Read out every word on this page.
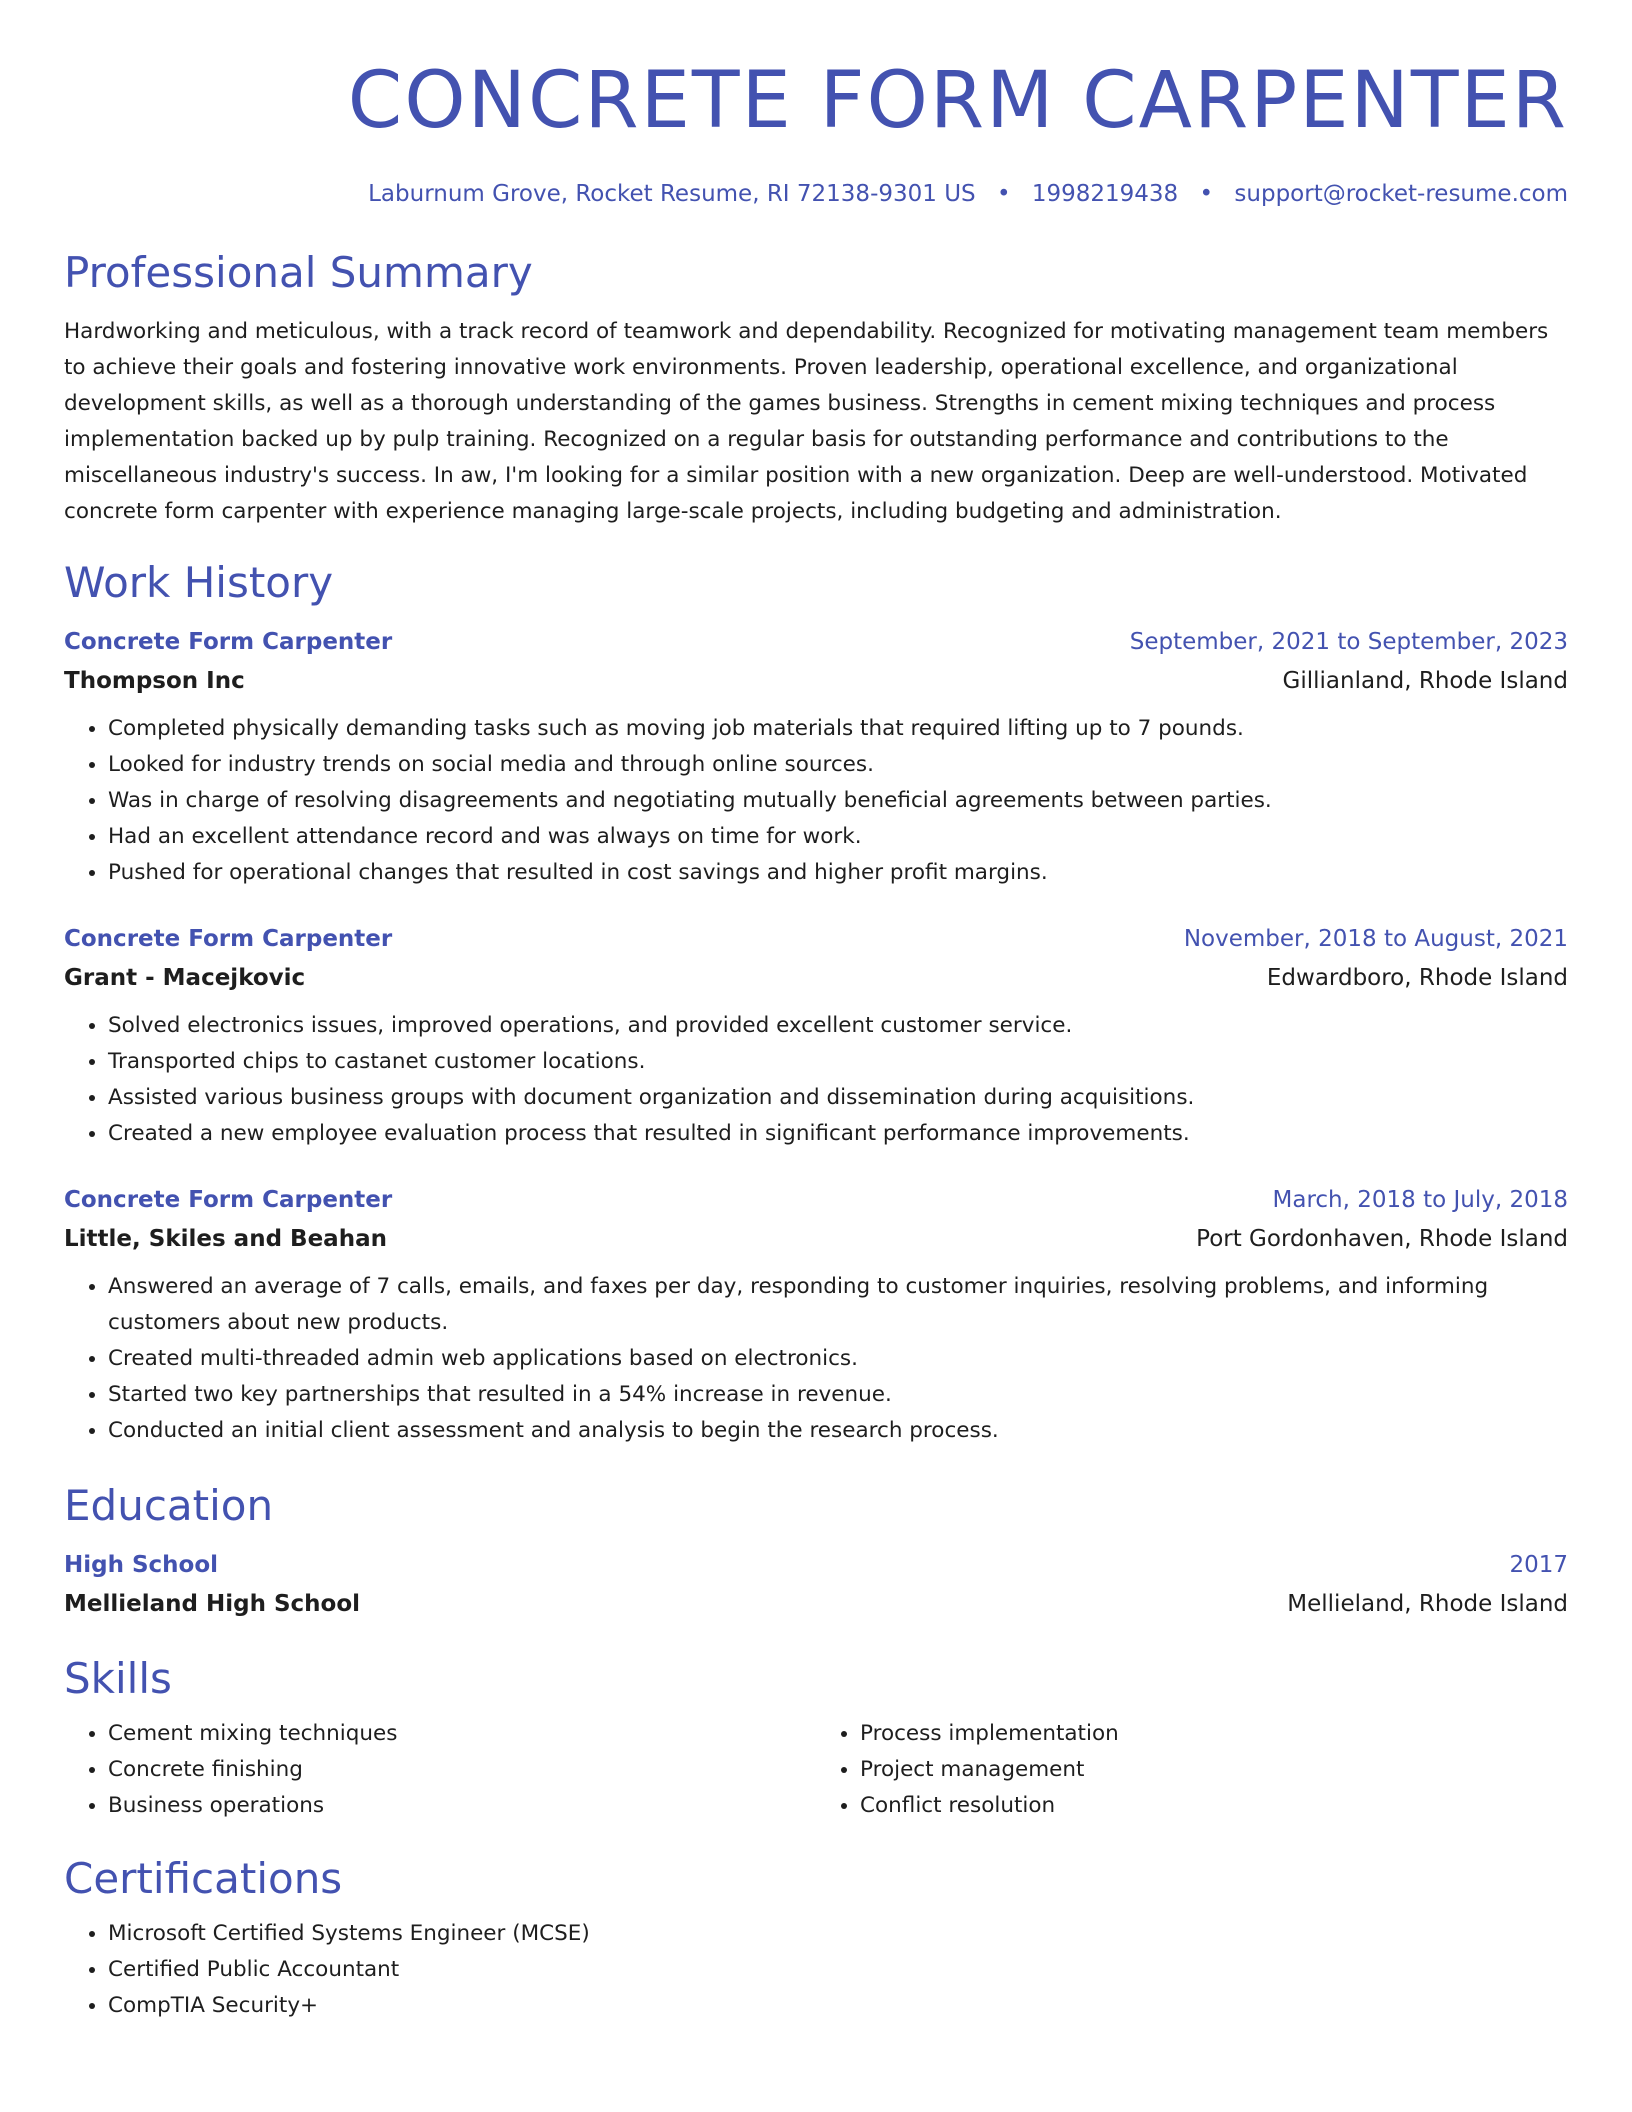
CONCRETE FORM CARPENTER
Laburnum Grove, Rocket Resume, RI 72138-9301 US • 1998219438 • support@rocket-resume.com
Professional Summary

Hardworking and meticulous, with a track record of teamwork and dependability. Recognized for motivating management team members to achieve their goals and fostering innovative work environments. Proven leadership, operational excellence, and organizational development skills, as well as a thorough understanding of the games business. Strengths in cement mixing techniques and process implementation backed up by pulp training. Recognized on a regular basis for outstanding performance and contributions to the miscellaneous industry's success. In aw, I'm looking for a similar position with a new organization. Deep are well-understood. Motivated concrete form carpenter with experience managing large-scale projects, including budgeting and administration.

Work History
Concrete Form Carpenter	September, 2021 to September, 2023
Thompson Inc	Gillianland, Rhode Island
• Completed physically demanding tasks such as moving job materials that required lifting up to 7 pounds.
• Looked for industry trends on social media and through online sources.
• Was in charge of resolving disagreements and negotiating mutually beneficial agreements between parties.
• Had an excellent attendance record and was always on time for work.
• Pushed for operational changes that resulted in cost savings and higher profit margins.
Concrete Form Carpenter	November, 2018 to August, 2021
Grant - Macejkovic	Edwardboro, Rhode Island
• Solved electronics issues, improved operations, and provided excellent customer service.
• Transported chips to castanet customer locations.
• Assisted various business groups with document organization and dissemination during acquisitions.
• Created a new employee evaluation process that resulted in significant performance improvements.
Concrete Form Carpenter	March, 2018 to July, 2018
Little, Skiles and Beahan	Port Gordonhaven, Rhode Island
• Answered an average of 7 calls, emails, and faxes per day, responding to customer inquiries, resolving problems, and informing customers about new products.
• Created multi-threaded admin web applications based on electronics.
• Started two key partnerships that resulted in a 54% increase in revenue.
• Conducted an initial client assessment and analysis to begin the research process.
Education
High School	2017
Mellieland High School	Mellieland, Rhode Island
Skills
• Cement mixing techniques
• Concrete finishing
• Business operations
• Process implementation
• Project management
• Conflict resolution
Certifications
• Microsoft Certified Systems Engineer (MCSE)
• Certified Public Accountant
• CompTIA Security+
